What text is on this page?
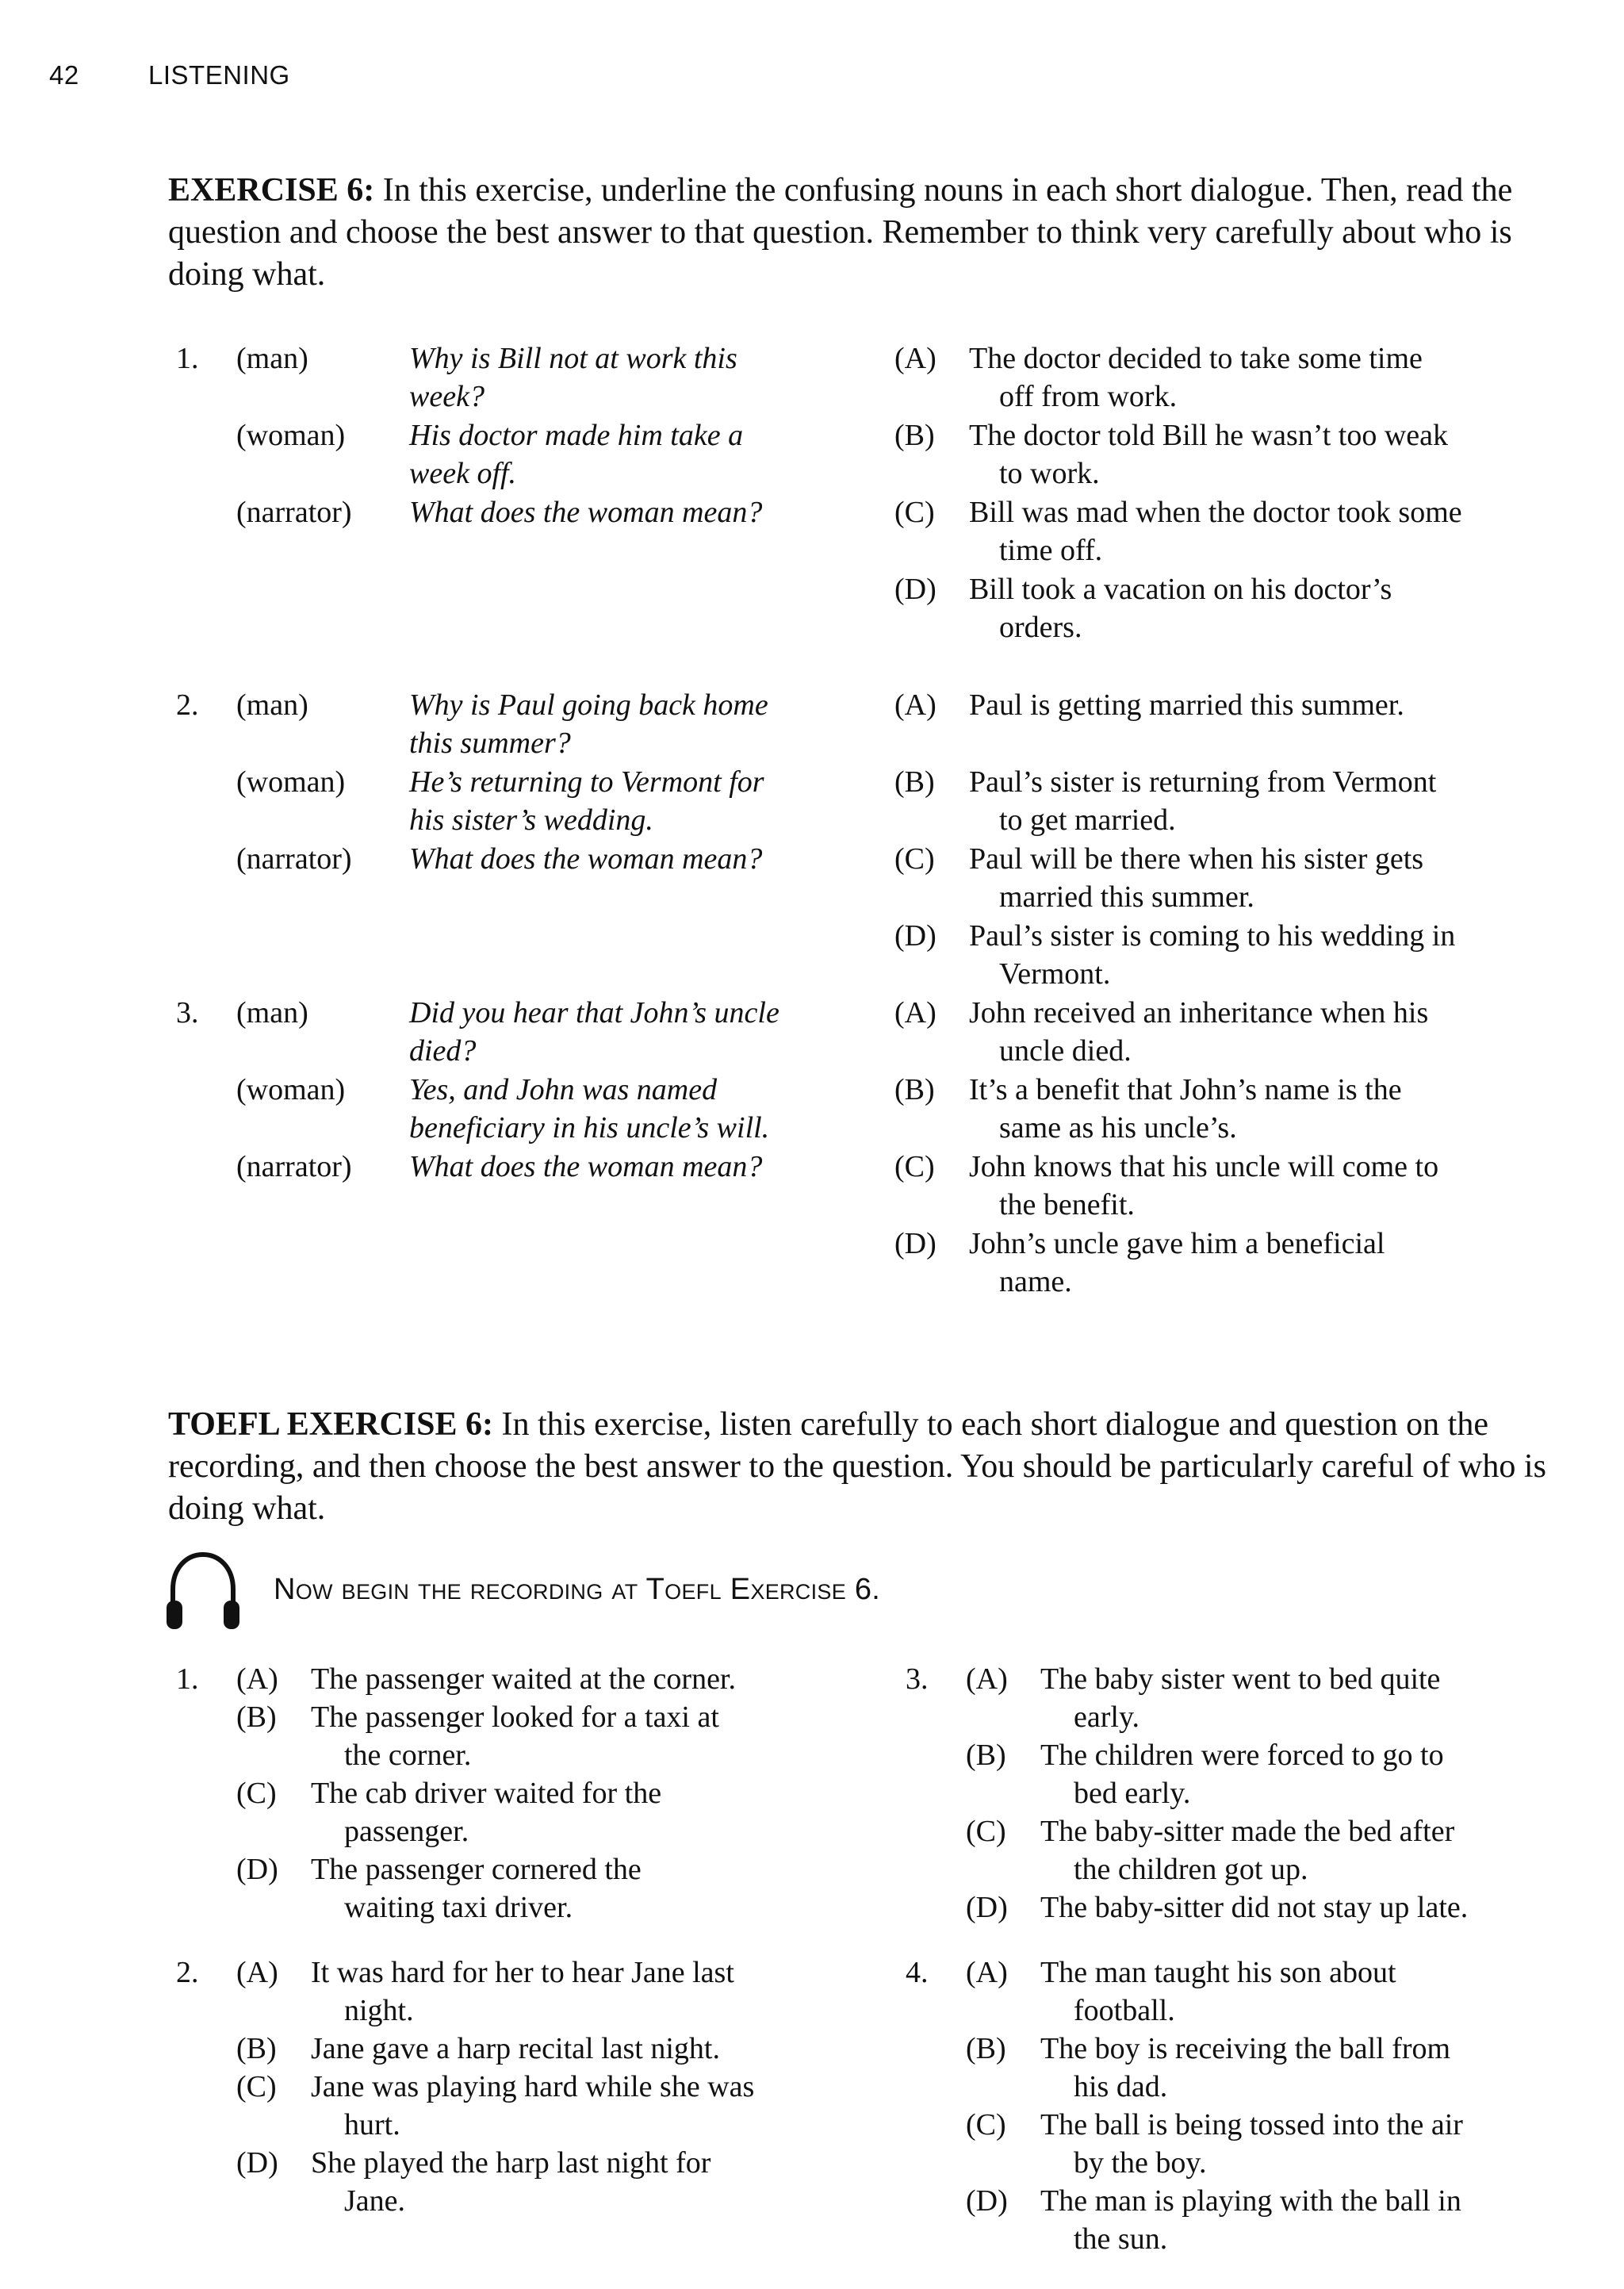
42	LISTENING
EXERCISE 6: In this exercise, underline the confusing nouns in each short dialogue. Then, read the question and choose the best answer to that question. Remember to think very carefully about who is doing what.
1. (man)	Why is Bill not at work this
week?
(woman) His doctor made him take a
week off.
(narrator) What does the woman mean?
(A) The doctor decided to take some time
off from work.
(B) The doctor told Bill he wasn’t too weak
to work.
(C) Bill was mad when the doctor took some
time off.
(D) Bill took a vacation on his doctor’s
orders.
2. (man)	Why is Paul going back home
this summer?
(woman) He’s returning to Vermont for
his sister’s wedding.
(narrator) What does the woman mean?
(A) Paul is getting married this summer.
(B) Paul’s sister is returning from Vermont
to get married.
(C) Paul will be there when his sister gets
married this summer.
(D) Paul’s sister is coming to his wedding in
Vermont.
3. (man)	Did you hear that John’s uncle
died?
(woman) Yes, and John was named
beneficiary in his uncle’s will.
(narrator) What does the woman mean?
(A) John received an inheritance when his
uncle died.
(B) It’s a benefit that John’s name is the
same as his uncle’s.
(C) John knows that his uncle will come to
the benefit.
(D) John’s uncle gave him a beneficial
name.
TOEFL EXERCISE 6: In this exercise, listen carefully to each short dialogue and question on the recording, and then choose the best answer to the question. You should be particularly careful of who is doing what.
Now begin the recording at Toefl Exercise 6.
1. (A) The passenger waited at the corner.
(B) The passenger looked for a taxi at
the corner.
(C) The cab driver waited for the
passenger.
(D) The passenger cornered the
waiting taxi driver.
2. (A) It was hard for her to hear Jane last
night.
(B) Jane gave a harp recital last night.
(C) Jane was playing hard while she was
hurt.
(D) She played the harp last night for
Jane.
3. (A) The baby sister went to bed quite
early.
(B) The children were forced to go to
bed early.
(C) The baby-sitter made the bed after
the children got up.
(D) The baby-sitter did not stay up late.
4. (A) The man taught his son about
football.
(B) The boy is receiving the ball from
his dad.
(C) The ball is being tossed into the air
by the boy.
(D) The man is playing with the ball in
the sun.
